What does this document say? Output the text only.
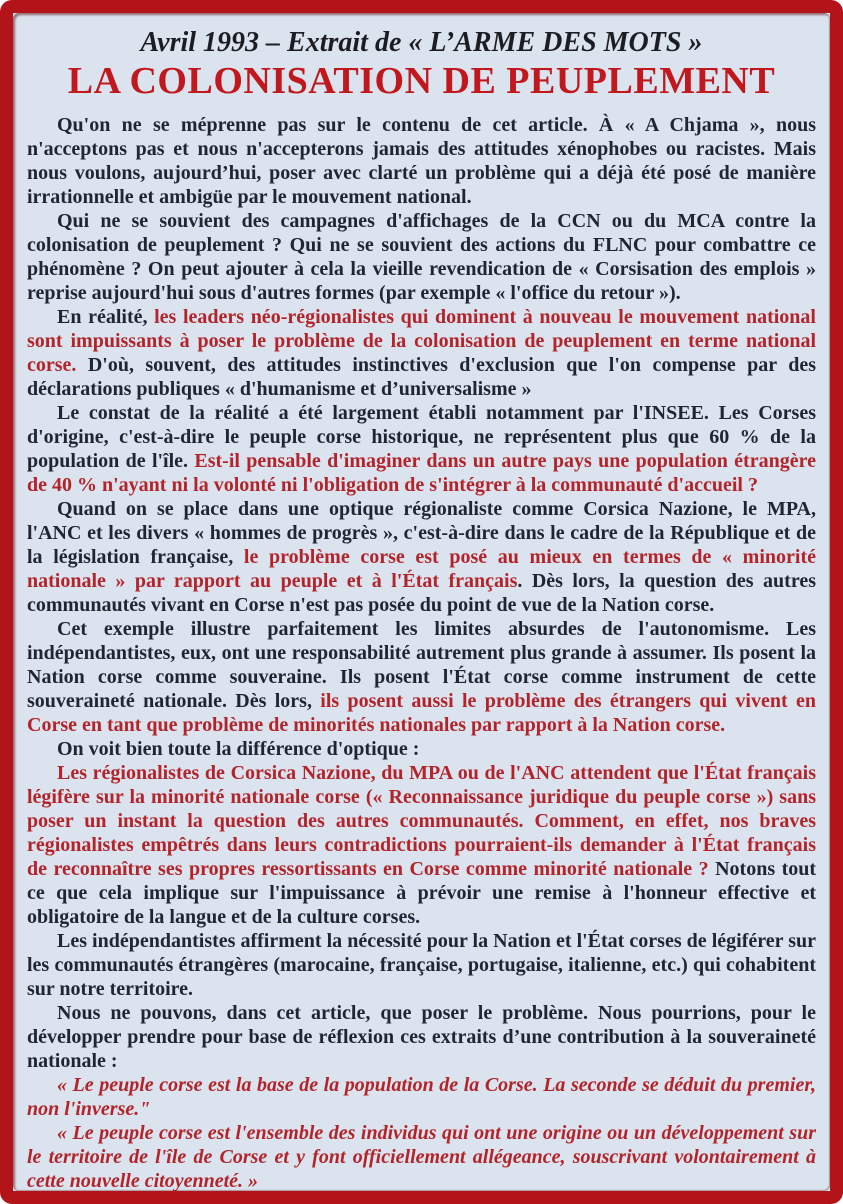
Avril 1993 – Extrait de « L’ARME DES MOTS »
LA COLONISATION DE PEUPLEMENT

Qu'on ne se méprenne pas sur le contenu de cet article. À « A Chjama », nous n'acceptons pas et nous n'accepterons jamais des attitudes xénophobes ou racistes. Mais nous voulons, aujourd’hui, poser avec clarté un problème qui a déjà été posé de manière irrationnelle et ambigüe par le mouvement national.

Qui ne se souvient des campagnes d'affichages de la CCN ou du MCA contre la colonisation de peuplement ? Qui ne se souvient des actions du FLNC pour combattre ce phénomène ? On peut ajouter à cela la vieille revendication de « Corsisation des emplois » reprise aujourd'hui sous d'autres formes (par exemple « l'office du retour »).

En réalité, les leaders néo-régionalistes qui dominent à nouveau le mouvement national sont impuissants à poser le problème de la colonisation de peuplement en terme national corse. D'où, souvent, des attitudes instinctives d'exclusion que l'on compense par des déclarations publiques « d'humanisme et d’universalisme »

Le constat de la réalité a été largement établi notamment par l'INSEE. Les Corses d'origine, c'est-à-dire le peuple corse historique, ne représentent plus que 60 % de la population de l'île. Est-il pensable d'imaginer dans un autre pays une population étrangère de 40 % n'ayant ni la volonté ni l'obligation de s'intégrer à la communauté d'accueil ?

Quand on se place dans une optique régionaliste comme Corsica Nazione, le MPA, l'ANC et les divers « hommes de progrès », c'est-à-dire dans le cadre de la République et de la législation française, le problème corse est posé au mieux en termes de « minorité nationale » par rapport au peuple et à l'État français. Dès lors, la question des autres communautés vivant en Corse n'est pas posée du point de vue de la Nation corse.

Cet exemple illustre parfaitement les limites absurdes de l'autonomisme. Les indépendantistes, eux, ont une responsabilité autrement plus grande à assumer. Ils posent la Nation corse comme souveraine. Ils posent l'État corse comme instrument de cette souveraineté nationale. Dès lors, ils posent aussi le problème des étrangers qui vivent en Corse en tant que problème de minorités nationales par rapport à la Nation corse.

On voit bien toute la différence d'optique :

Les régionalistes de Corsica Nazione, du MPA ou de l'ANC attendent que l'État français légifère sur la minorité nationale corse (« Reconnaissance juridique du peuple corse ») sans poser un instant la question des autres communautés. Comment, en effet, nos braves régionalistes empêtrés dans leurs contradictions pourraient-ils demander à l'État français de reconnaître ses propres ressortissants en Corse comme minorité nationale ? Notons tout ce que cela implique sur l'impuissance à prévoir une remise à l'honneur effective et obligatoire de la langue et de la culture corses.

Les indépendantistes affirment la nécessité pour la Nation et l'État corses de légiférer sur les communautés étrangères (marocaine, française, portugaise, italienne, etc.) qui cohabitent sur notre territoire.

Nous ne pouvons, dans cet article, que poser le problème. Nous pourrions, pour le développer prendre pour base de réflexion ces extraits d’une contribution à la souveraineté nationale :

« Le peuple corse est la base de la population de la Corse. La seconde se déduit du premier, non l'inverse."

« Le peuple corse est l'ensemble des individus qui ont une origine ou un développement sur le territoire de l'île de Corse et y font officiellement allégeance, souscrivant volontairement à cette nouvelle citoyenneté. »
